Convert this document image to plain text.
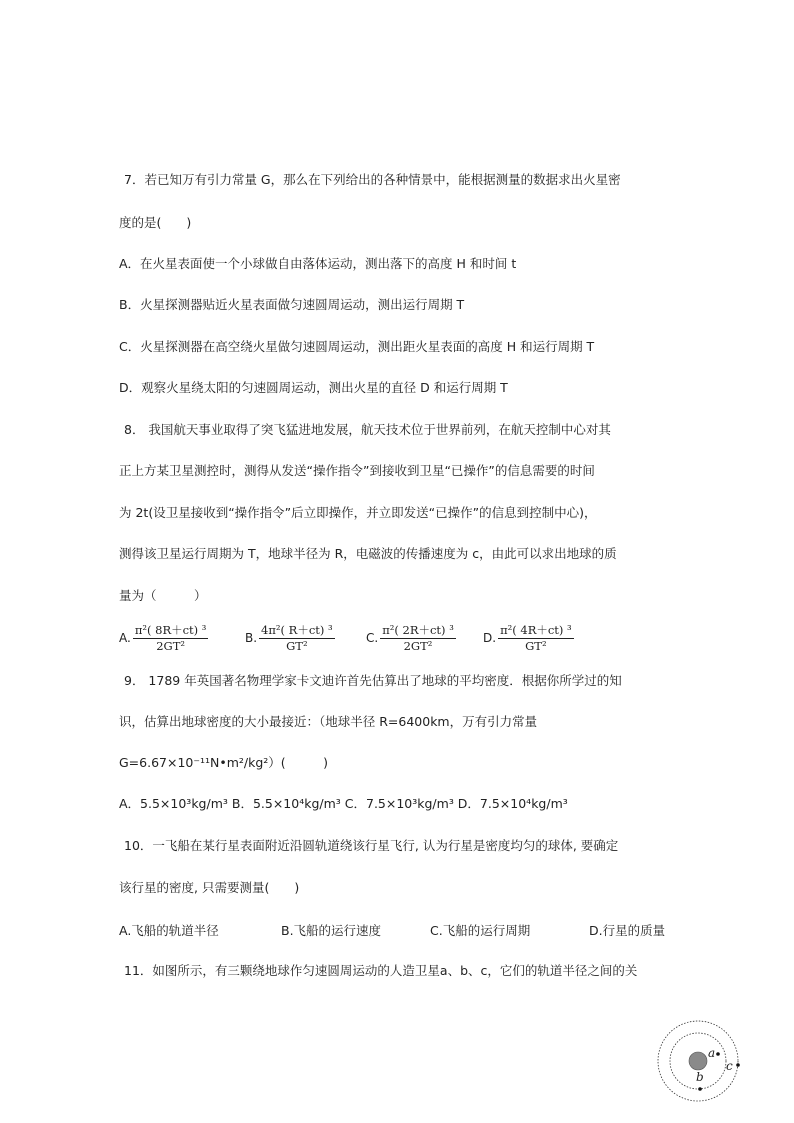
7．若已知万有引力常量 G，那么在下列给出的各种情景中，能根据测量的数据求出火星密
度的是(　　)
A．在火星表面使一个小球做自由落体运动，测出落下的高度 H 和时间 t
B．火星探测器贴近火星表面做匀速圆周运动，测出运行周期 T
C．火星探测器在高空绕火星做匀速圆周运动，测出距火星表面的高度 H 和运行周期 T
D．观察火星绕太阳的匀速圆周运动，测出火星的直径 D 和运行周期 T
8． 我国航天事业取得了突飞猛进地发展，航天技术位于世界前列，在航天控制中心对其
正上方某卫星测控时，测得从发送“操作指令”到接收到卫星“已操作”的信息需要的时间
为 2t(设卫星接收到“操作指令”后立即操作，并立即发送“已操作”的信息到控制中心)，
测得该卫星运行周期为 T，地球半径为 R，电磁波的传播速度为 c，由此可以求出地球的质
量为（　　　）
A. $\frac{\text{π²( 8R＋ct) ³}}{\text{2GT²}}$	B. $\frac{\text{4π²( R＋ct) ³}}{\text{GT²}}$	C. $\frac{\text{π²( 2R＋ct) ³}}{\text{2GT²}} D$. $\frac{\text{π²( 4R＋ct) ³}}{\text{GT²}}$
9． 1789 年英国著名物理学家卡文迪许首先估算出了地球的平均密度．根据你所学过的知
识，估算出地球密度的大小最接近：（地球半径 R=6400km，万有引力常量
G=6.67×10⁻¹¹N•m²/kg²）(　　　)
A．5.5×10³kg/m³ B．5.5×10⁴kg/m³ C．7.5×10³kg/m³ D．7.5×10⁴kg/m³
10．一飞船在某行星表面附近沿圆轨道绕该行星飞行, 认为行星是密度均匀的球体, 要确定
该行星的密度, 只需要测量(　　)
A.飞船的轨道半径	B.飞船的运行速度	C.飞船的运行周期	D.行星的质量
11．如图所示，有三颗绕地球作匀速圆周运动的人造卫星a、b、c，它们的轨道半径之间的关
a
b
c
